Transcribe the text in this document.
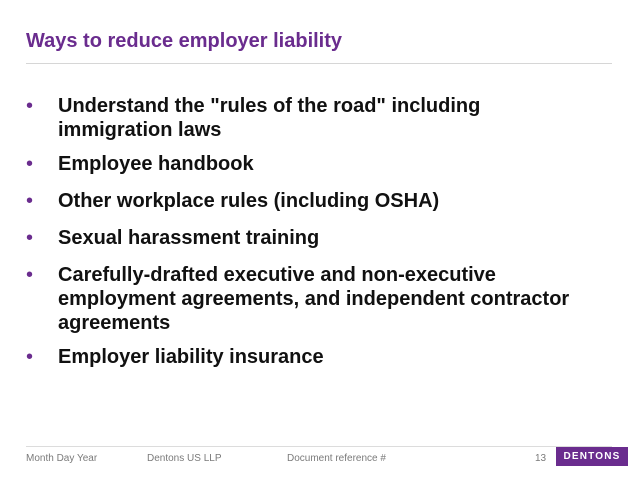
Ways to reduce employer liability
•	Understand the "rules of the road" including immigration laws
•	Employee handbook
•	Other workplace rules (including OSHA)
•	Sexual harassment training
•	Carefully-drafted executive and non-executive employment agreements, and independent contractor agreements
•	Employer liability insurance
Month Day Year	Dentons US LLP	Document reference #	13	DENTONS
